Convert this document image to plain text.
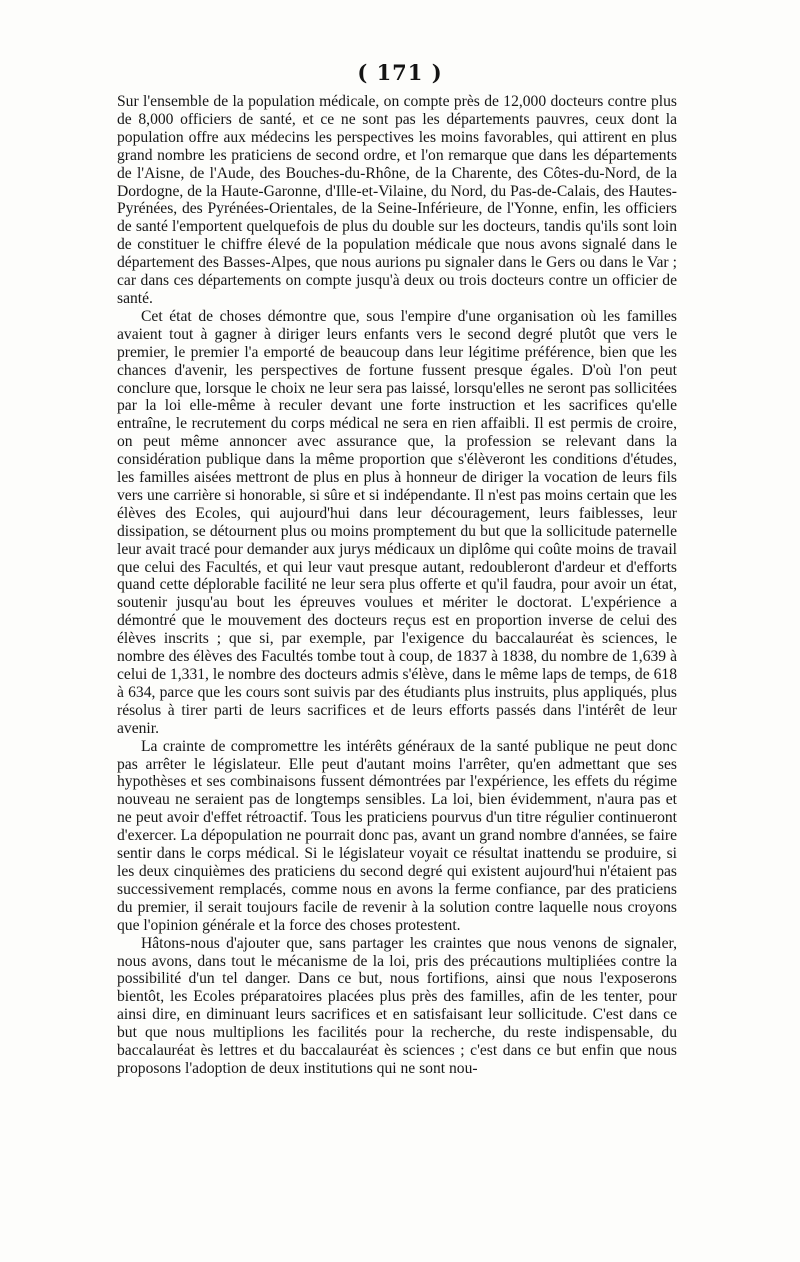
( 171 )

Sur l'ensemble de la population médicale, on compte près de 12,000 docteurs contre plus de 8,000 officiers de santé, et ce ne sont pas les départements pauvres, ceux dont la population offre aux médecins les perspectives les moins favorables, qui attirent en plus grand nombre les praticiens de second ordre, et l'on remarque que dans les départements de l'Aisne, de l'Aude, des Bouches-du-Rhône, de la Charente, des Côtes-du-Nord, de la Dordogne, de la Haute-Garonne, d'Ille-et-Vilaine, du Nord, du Pas-de-Calais, des Hautes-Pyrénées, des Pyrénées-Orientales, de la Seine-Inférieure, de l'Yonne, enfin, les officiers de santé l'emportent quelquefois de plus du double sur les docteurs, tandis qu'ils sont loin de constituer le chiffre élevé de la population médicale que nous avons signalé dans le département des Basses-Alpes, que nous aurions pu signaler dans le Gers ou dans le Var ; car dans ces départements on compte jusqu'à deux ou trois docteurs contre un officier de santé.

Cet état de choses démontre que, sous l'empire d'une organisation où les familles avaient tout à gagner à diriger leurs enfants vers le second degré plutôt que vers le premier, le premier l'a emporté de beaucoup dans leur légitime préférence, bien que les chances d'avenir, les perspectives de fortune fussent presque égales. D'où l'on peut conclure que, lorsque le choix ne leur sera pas laissé, lorsqu'elles ne seront pas sollicitées par la loi elle-même à reculer devant une forte instruction et les sacrifices qu'elle entraîne, le recrutement du corps médical ne sera en rien affaibli. Il est permis de croire, on peut même annoncer avec assurance que, la profession se relevant dans la considération publique dans la même proportion que s'élèveront les conditions d'études, les familles aisées mettront de plus en plus à honneur de diriger la vocation de leurs fils vers une carrière si honorable, si sûre et si indépendante. Il n'est pas moins certain que les élèves des Ecoles, qui aujourd'hui dans leur découragement, leurs faiblesses, leur dissipation, se détournent plus ou moins promptement du but que la sollicitude paternelle leur avait tracé pour demander aux jurys médicaux un diplôme qui coûte moins de travail que celui des Facultés, et qui leur vaut presque autant, redoubleront d'ardeur et d'efforts quand cette déplorable facilité ne leur sera plus offerte et qu'il faudra, pour avoir un état, soutenir jusqu'au bout les épreuves voulues et mériter le doctorat. L'expérience a démontré que le mouvement des docteurs reçus est en proportion inverse de celui des élèves inscrits ; que si, par exemple, par l'exigence du baccalauréat ès sciences, le nombre des élèves des Facultés tombe tout à coup, de 1837 à 1838, du nombre de 1,639 à celui de 1,331, le nombre des docteurs admis s'élève, dans le même laps de temps, de 618 à 634, parce que les cours sont suivis par des étudiants plus instruits, plus appliqués, plus résolus à tirer parti de leurs sacrifices et de leurs efforts passés dans l'intérêt de leur avenir.

La crainte de compromettre les intérêts généraux de la santé publique ne peut donc pas arrêter le législateur. Elle peut d'autant moins l'arrêter, qu'en admettant que ses hypothèses et ses combinaisons fussent démontrées par l'expérience, les effets du régime nouveau ne seraient pas de longtemps sensibles. La loi, bien évidemment, n'aura pas et ne peut avoir d'effet rétroactif. Tous les praticiens pourvus d'un titre régulier continueront d'exercer. La dépopulation ne pourrait donc pas, avant un grand nombre d'années, se faire sentir dans le corps médical. Si le législateur voyait ce résultat inattendu se produire, si les deux cinquièmes des praticiens du second degré qui existent aujourd'hui n'étaient pas successivement remplacés, comme nous en avons la ferme confiance, par des praticiens du premier, il serait toujours facile de revenir à la solution contre laquelle nous croyons que l'opinion générale et la force des choses protestent.

Hâtons-nous d'ajouter que, sans partager les craintes que nous venons de signaler, nous avons, dans tout le mécanisme de la loi, pris des précautions multipliées contre la possibilité d'un tel danger. Dans ce but, nous fortifions, ainsi que nous l'exposerons bientôt, les Ecoles préparatoires placées plus près des familles, afin de les tenter, pour ainsi dire, en diminuant leurs sacrifices et en satisfaisant leur sollicitude. C'est dans ce but que nous multiplions les facilités pour la recherche, du reste indispensable, du baccalauréat ès lettres et du baccalauréat ès sciences ; c'est dans ce but enfin que nous proposons l'adoption de deux institutions qui ne sont nou-
